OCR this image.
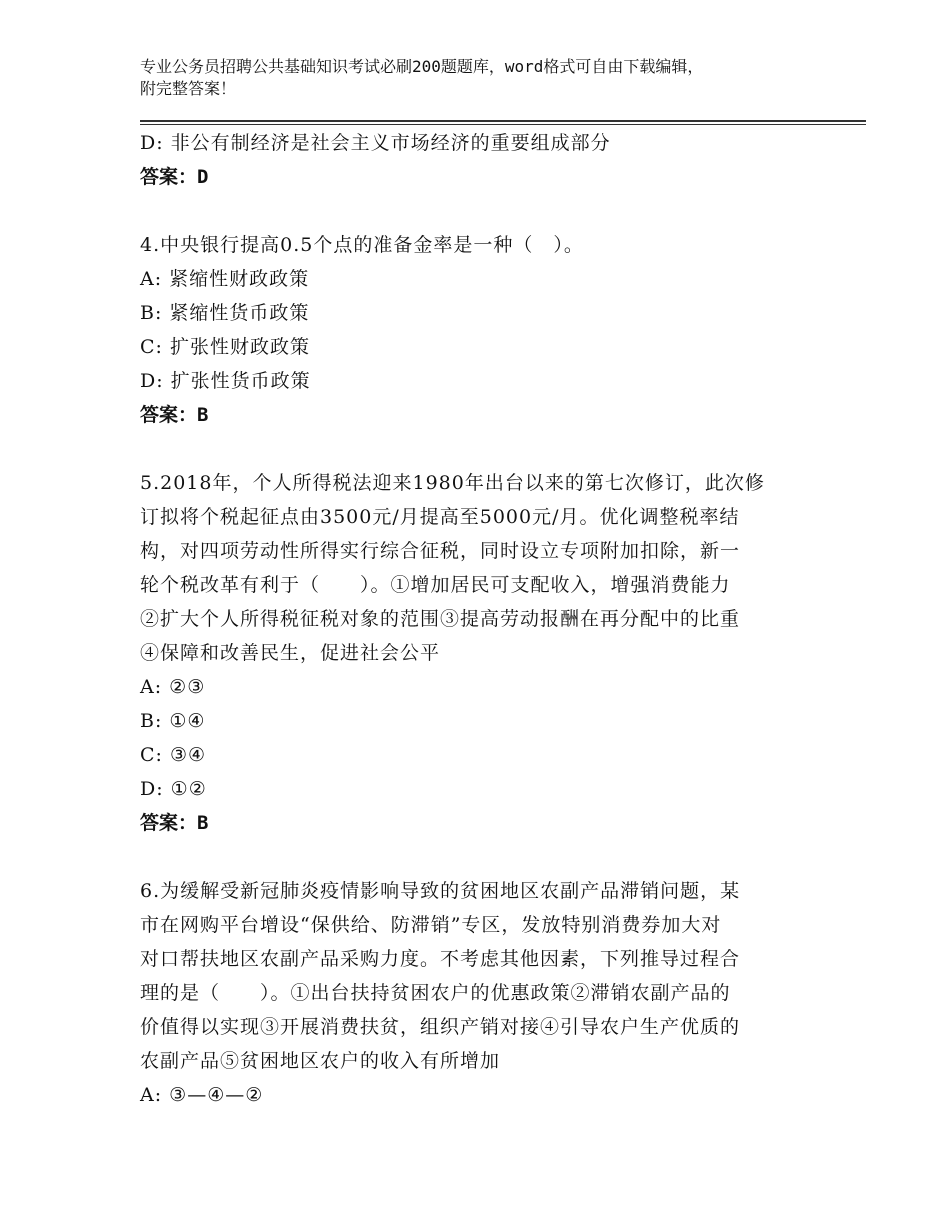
专业公务员招聘公共基础知识考试必刷200题题库，word格式可自由下载编辑，
附完整答案！
D: 非公有制经济是社会主义市场经济的重要组成部分
答案：D
4.中央银行提高0.5个点的准备金率是一种（　）。
A: 紧缩性财政政策
B: 紧缩性货币政策
C: 扩张性财政政策
D: 扩张性货币政策
答案：B
5.2018年，个人所得税法迎来1980年出台以来的第七次修订，此次修
订拟将个税起征点由3500元/月提高至5000元/月。优化调整税率结
构，对四项劳动性所得实行综合征税，同时设立专项附加扣除，新一
轮个税改革有利于（　　）。①增加居民可支配收入，增强消费能力
②扩大个人所得税征税对象的范围③提高劳动报酬在再分配中的比重
④保障和改善民生，促进社会公平
A: ②③
B: ①④
C: ③④
D: ①②
答案：B
6.为缓解受新冠肺炎疫情影响导致的贫困地区农副产品滞销问题，某
市在网购平台增设“保供给、防滞销”专区，发放特别消费券加大对
对口帮扶地区农副产品采购力度。不考虑其他因素，下列推导过程合
理的是（　　）。①出台扶持贫困农户的优惠政策②滞销农副产品的
价值得以实现③开展消费扶贫，组织产销对接④引导农户生产优质的
农副产品⑤贫困地区农户的收入有所增加
A: ③—④—②
